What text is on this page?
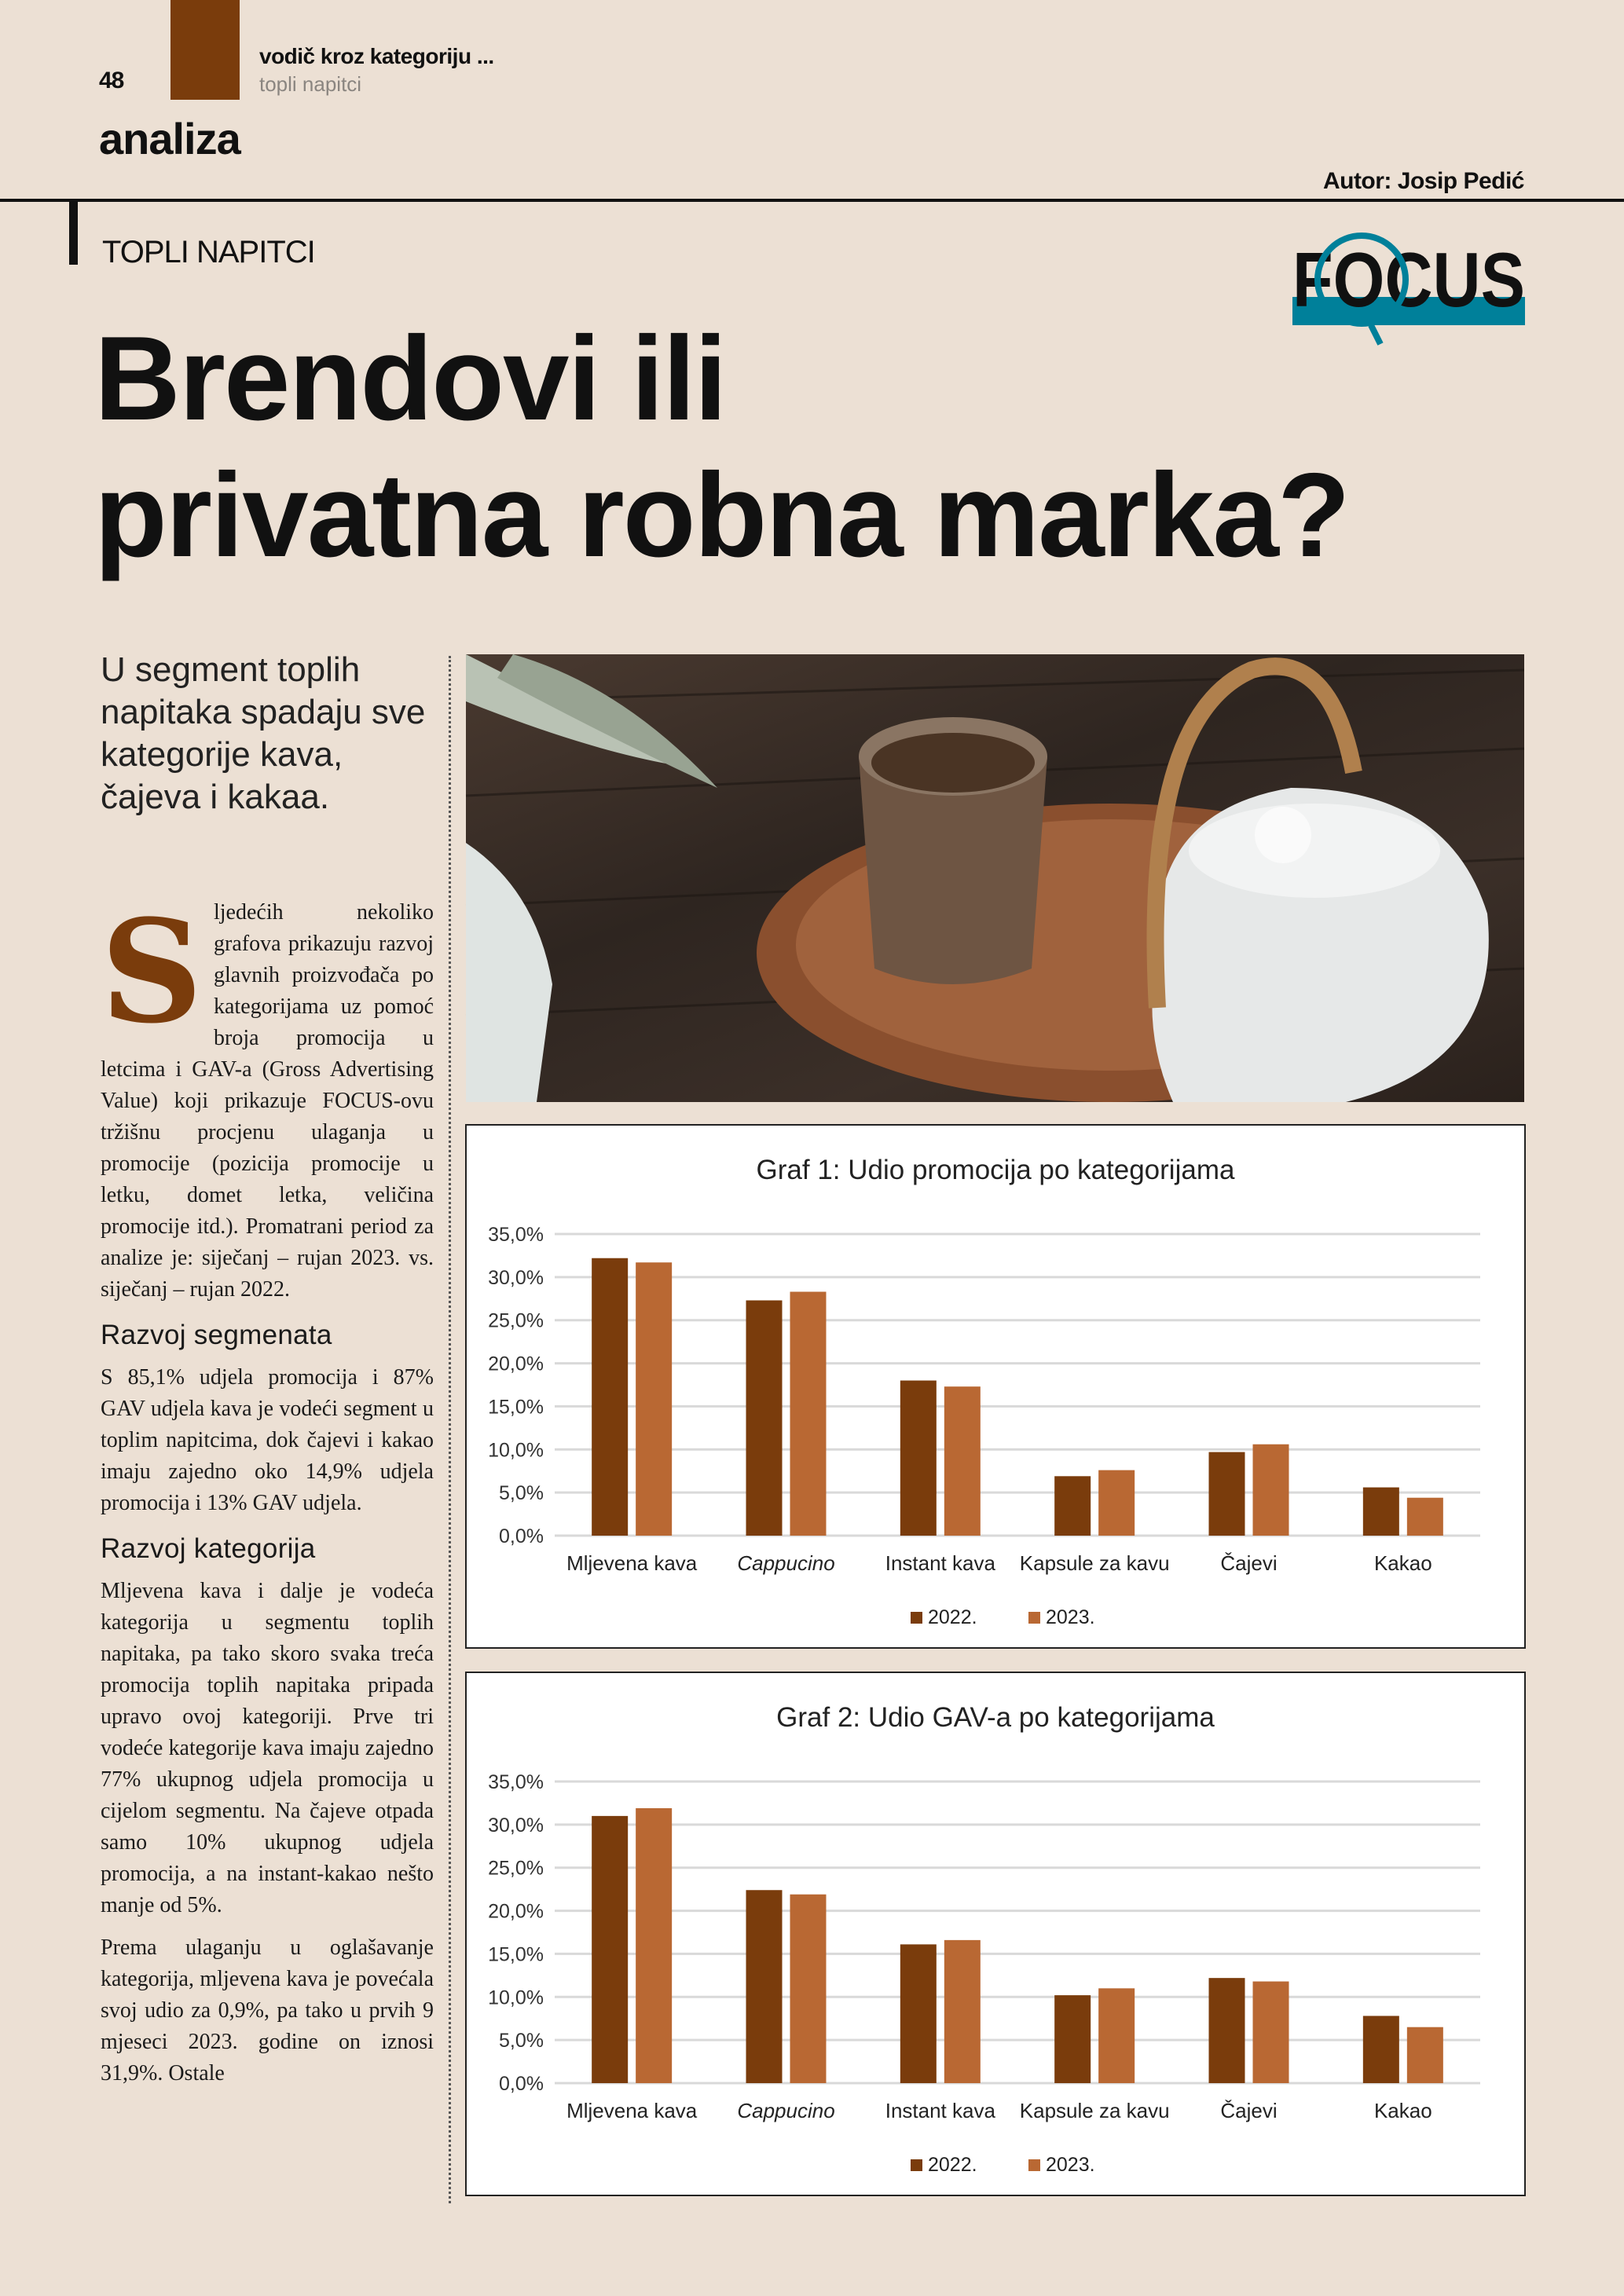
48
vodič kroz kategoriju ...
topli napitci
analiza
Autor: Josip Pedić
TOPLI NAPITCI	FOCUS
Brendovi ili
privatna robna marka?
U segment toplih napitaka spadaju sve kategorije kava, čajeva i kakaa.

Sljedećih nekoliko grafova prikazuju razvoj glavnih proizvođača po kategorijama uz pomoć broja promocija u letcima i GAV-a (Gross Advertising Value) koji prikazuje FOCUS-ovu tržišnu procjenu ulaganja u promocije (pozicija promocije u letku, domet letka, veličina promocije itd.). Promatrani period za analize je: siječanj – rujan 2023. vs. siječanj – rujan 2022.

Razvoj segmenata

S 85,1% udjela promocija i 87% GAV udjela kava je vodeći segment u toplim napitcima, dok čajevi i kakao imaju zajedno oko 14,9% udjela promocija i 13% GAV udjela.

Razvoj kategorija

Mljevena kava i dalje je vodeća kategorija u segmentu toplih napitaka, pa tako skoro svaka treća promocija toplih napitaka pripada upravo ovoj kategoriji. Prve tri vodeće kategorije kava imaju zajedno 77% ukupnog udjela promocija u cijelom segmentu. Na čajeve otpada samo 10% ukupnog udjela promocija, a na instant-kakao nešto manje od 5%.

Prema ulaganju u oglašavanje kategorija, mljevena kava je povećala svoj udio za 0,9%, pa tako u prvih 9 mjeseci 2023. godine on iznosi 31,9%. Ostale

Graf 1: Udio promocija po kategorijama
0,0%
5,0%
10,0%
15,0%
20,0%
25,0%
30,0%
35,0%
Mljevena kava Cappucino Instant kava Kapsule za kavu Čajevi	Kakao
2022.	2023.
Graf 2: Udio GAV-a po kategorijama
0,0%
5,0%
10,0%
15,0%
20,0%
25,0%
30,0%
35,0%
Mljevena kava Cappucino Instant kava Kapsule za kavu Čajevi	Kakao
2022.	2023.
